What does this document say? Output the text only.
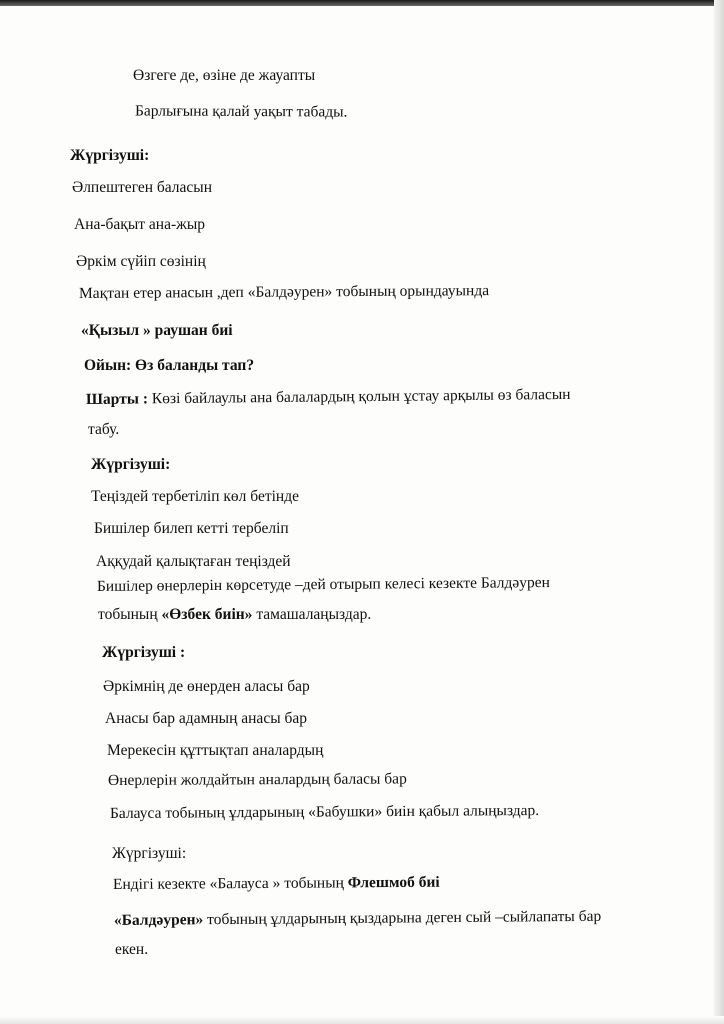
Өзгеге де, өзіне де жауапты
Барлығына қалай уақыт табады.
Жүргізуші:
Әлпештеген баласын
Ана-бақыт ана-жыр
Әркім сүйіп сөзінің
Мақтан етер анасын ,деп «Балдәурен» тобының орындауында
«Қызыл » раушан биі
Ойын: Өз баланды тап?
Шарты : Көзі байлаулы ана балалардың қолын ұстау арқылы өз баласын
табу.
Жүргізуші:
Теңіздей тербетіліп көл бетінде
Бишілер билеп кетті тербеліп
Аққудай қалықтаған теңіздей
Бишілер өнерлерін көрсетуде –дей отырып келесі кезекте Балдәурен
тобының «Өзбек биін» тамашалаңыздар.
Жүргізуші :
Әркімнің де өнерден аласы бар
Анасы бар адамның анасы бар
Мерекесін құттықтап аналардың
Өнерлерін жолдайтын аналардың баласы бар
Балауса тобының ұлдарының «Бабушки» биін қабыл алыңыздар.
Жүргізуші:
Ендігі кезекте «Балауса » тобының Флешмоб биі
«Балдәурен» тобының ұлдарының қыздарына деген сый –сыйлапаты бар
екен.
